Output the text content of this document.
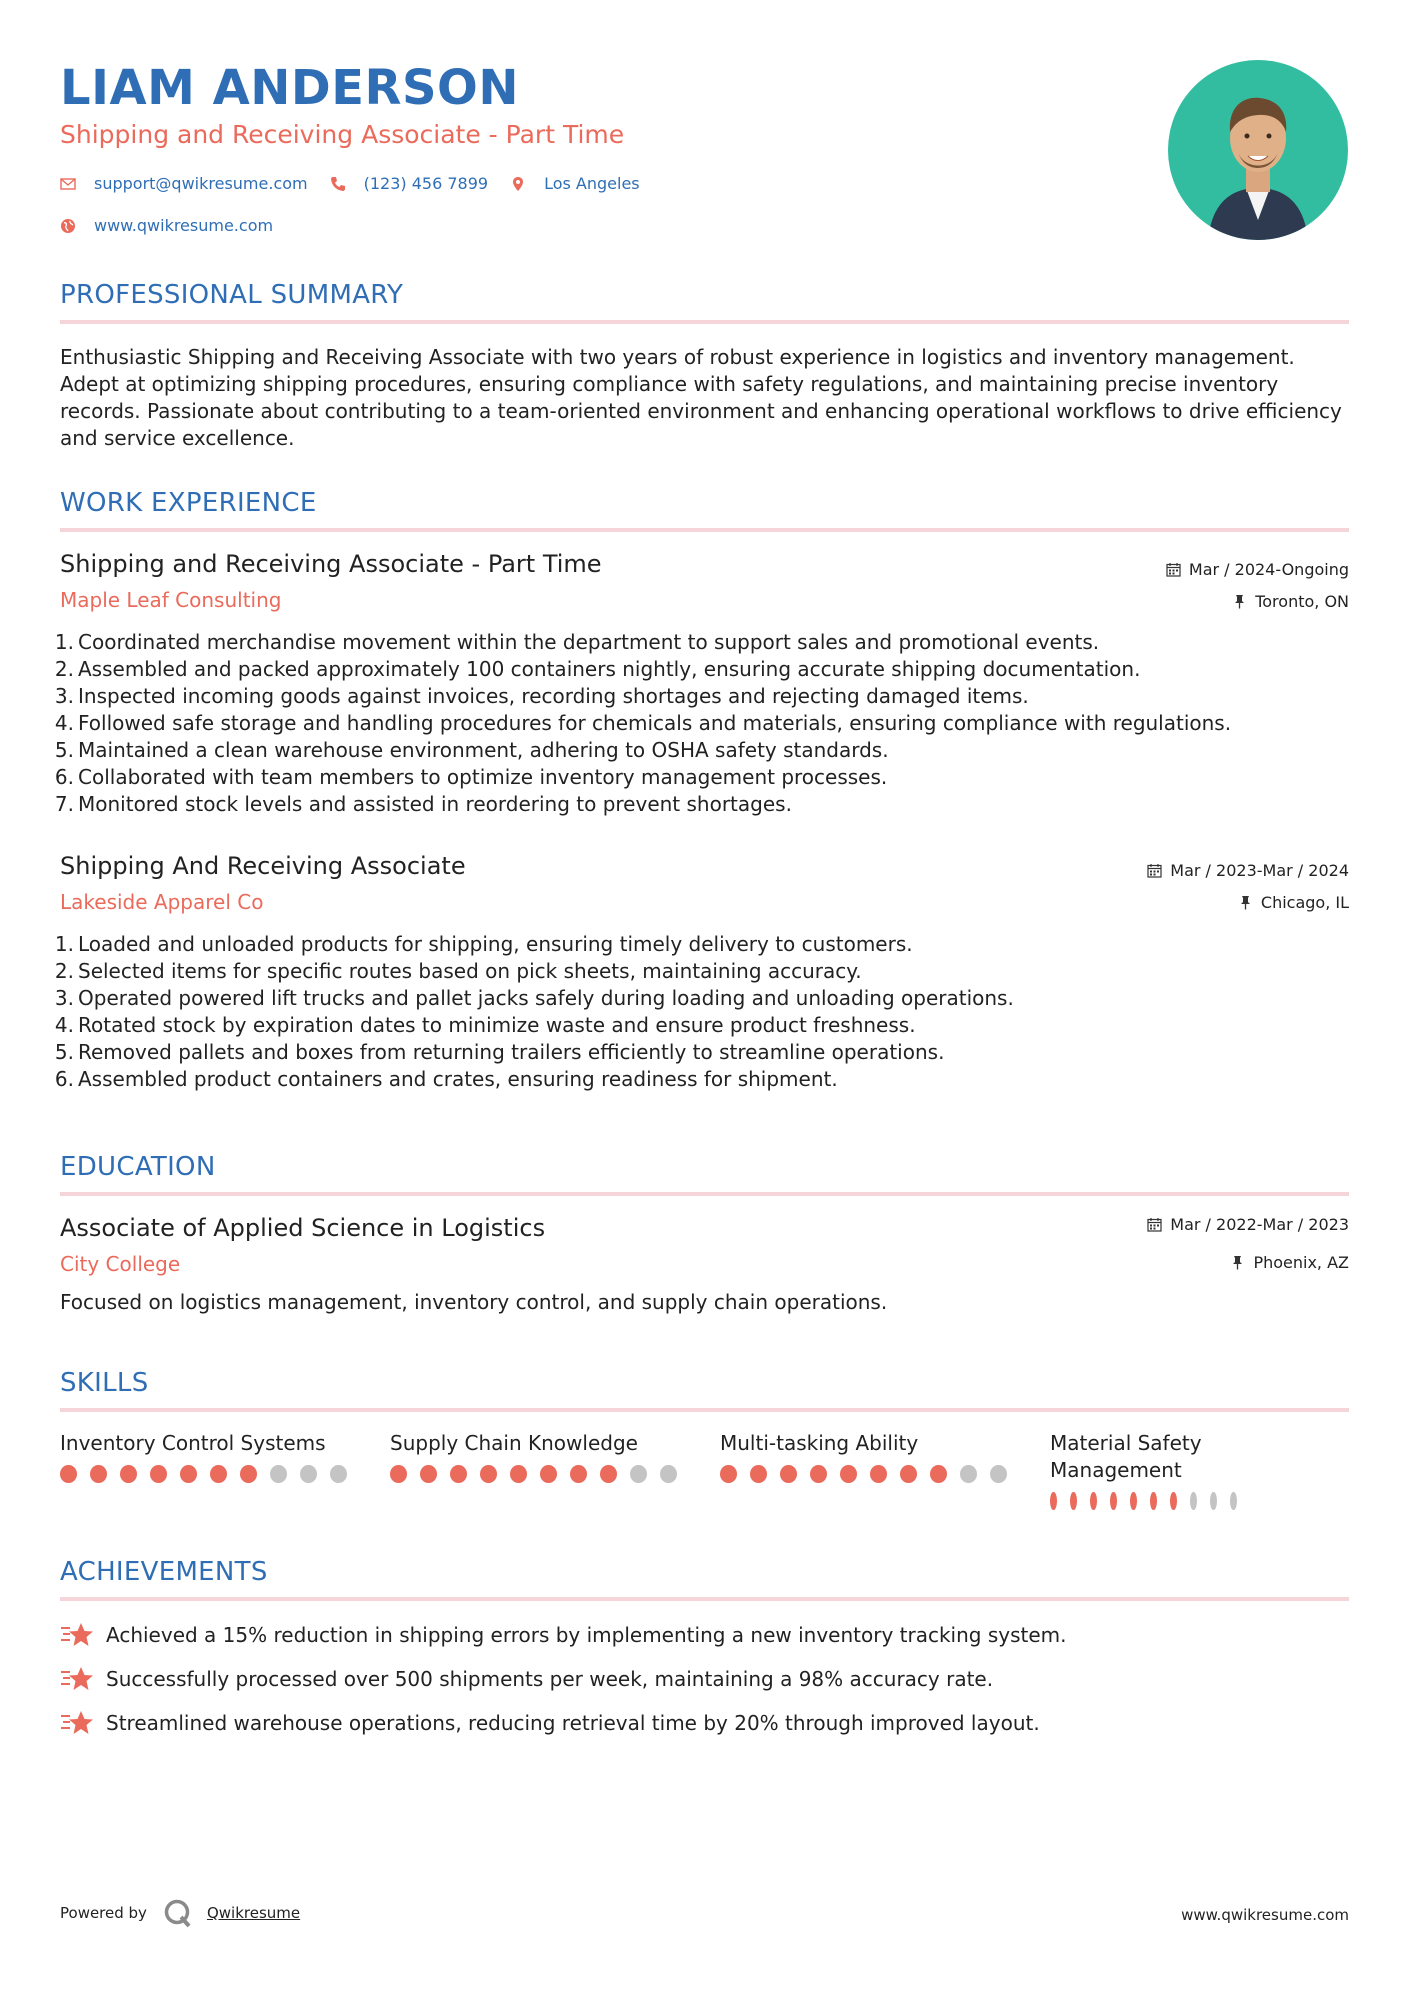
LIAM ANDERSON
Shipping and Receiving Associate - Part Time
support@qwikresume.com	(123) 456 7899	Los Angeles
www.qwikresume.com
PROFESSIONAL SUMMARY
Enthusiastic Shipping and Receiving Associate with two years of robust experience in logistics and inventory management. Adept at optimizing shipping procedures, ensuring compliance with safety regulations, and maintaining precise inventory records. Passionate about contributing to a team-oriented environment and enhancing operational workflows to drive efficiency and service excellence.
WORK EXPERIENCE
Shipping and Receiving Associate - Part Time
Maple Leaf Consulting
Mar / 2024-Ongoing
Toronto, ON
1. Coordinated merchandise movement within the department to support sales and promotional events.
2. Assembled and packed approximately 100 containers nightly, ensuring accurate shipping documentation.
3. Inspected incoming goods against invoices, recording shortages and rejecting damaged items.
4. Followed safe storage and handling procedures for chemicals and materials, ensuring compliance with regulations.
5. Maintained a clean warehouse environment, adhering to OSHA safety standards.
6. Collaborated with team members to optimize inventory management processes.
7. Monitored stock levels and assisted in reordering to prevent shortages.
Shipping And Receiving Associate
Lakeside Apparel Co
Mar / 2023-Mar / 2024
Chicago, IL
1. Loaded and unloaded products for shipping, ensuring timely delivery to customers.
2. Selected items for specific routes based on pick sheets, maintaining accuracy.
3. Operated powered lift trucks and pallet jacks safely during loading and unloading operations.
4. Rotated stock by expiration dates to minimize waste and ensure product freshness.
5. Removed pallets and boxes from returning trailers efficiently to streamline operations.
6. Assembled product containers and crates, ensuring readiness for shipment.
EDUCATION
Associate of Applied Science in Logistics
City College
Mar / 2022-Mar / 2023
Phoenix, AZ
Focused on logistics management, inventory control, and supply chain operations.
SKILLS
Inventory Control Systems	Supply Chain Knowledge	Multi-tasking Ability	Material Safety Management
ACHIEVEMENTS
Achieved a 15% reduction in shipping errors by implementing a new inventory tracking system.
Successfully processed over 500 shipments per week, maintaining a 98% accuracy rate.
Streamlined warehouse operations, reducing retrieval time by 20% through improved layout.
Powered by	Qwikresume	www.qwikresume.com
